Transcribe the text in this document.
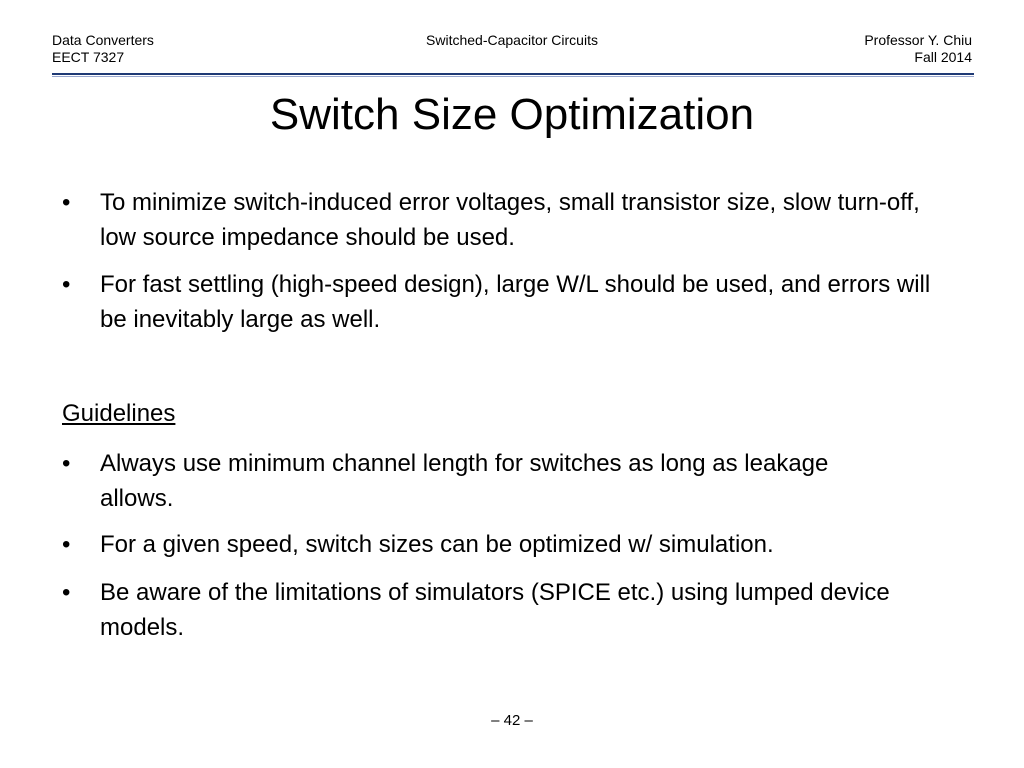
Data Converters
EECT 7327
Switched-Capacitor Circuits	Professor Y. Chiu
Fall 2014
Switch Size Optimization
•	To minimize switch-induced error voltages, small transistor size, slow turn-off, low source impedance should be used.
•	For fast settling (high-speed design), large W/L should be used, and errors will be inevitably large as well.
Guidelines
•	Always use minimum channel length for switches as long as leakage allows.
•	For a given speed, switch sizes can be optimized w/ simulation.
•	Be aware of the limitations of simulators (SPICE etc.) using lumped device models.
– 42 –
